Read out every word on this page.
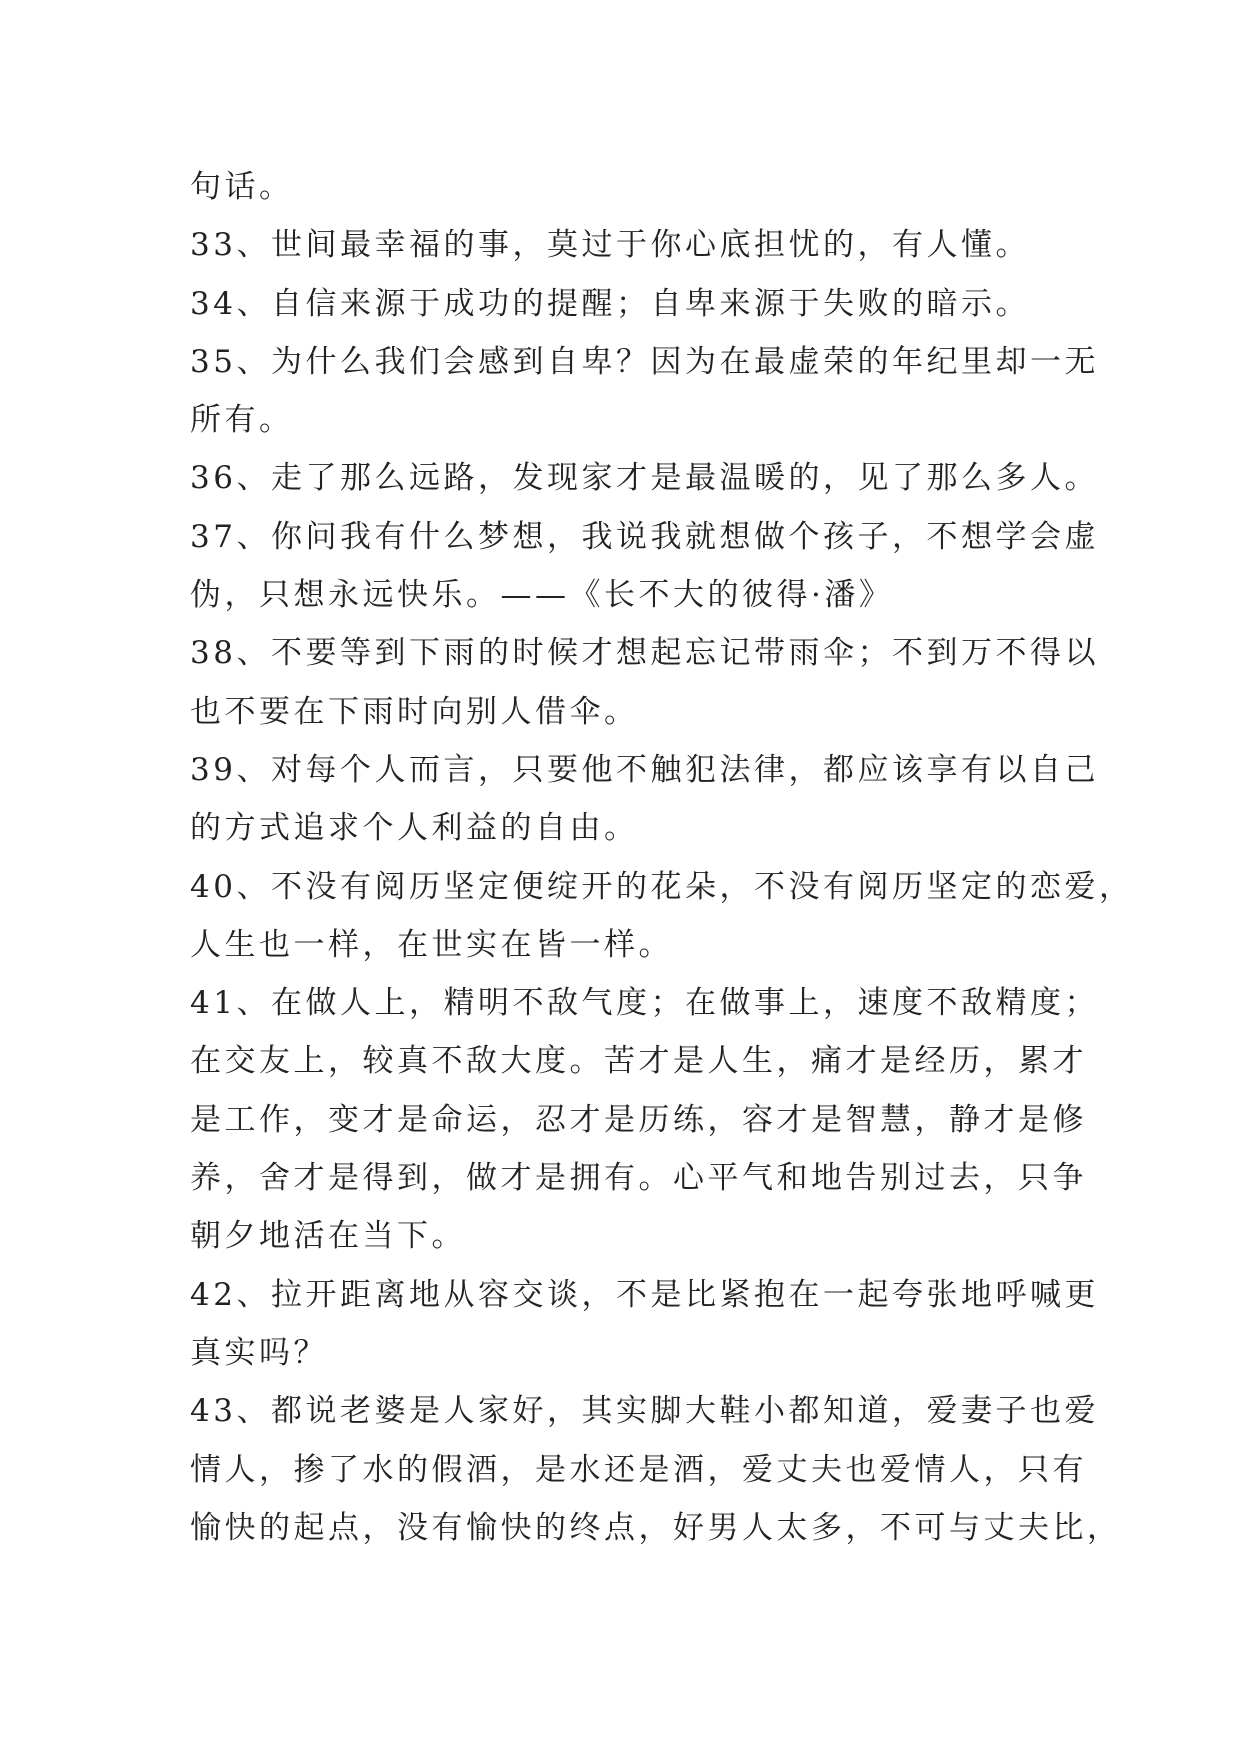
句话。
33、世间最幸福的事，莫过于你心底担忧的，有人懂。
34、自信来源于成功的提醒；自卑来源于失败的暗示。
35、为什么我们会感到自卑？因为在最虚荣的年纪里却一无
所有。
36、走了那么远路，发现家才是最温暖的，见了那么多人。
37、你问我有什么梦想，我说我就想做个孩子，不想学会虚
伪，只想永远快乐。——《长不大的彼得·潘》
38、不要等到下雨的时候才想起忘记带雨伞；不到万不得以
也不要在下雨时向别人借伞。
39、对每个人而言，只要他不触犯法律，都应该享有以自己
的方式追求个人利益的自由。
40、不没有阅历坚定便绽开的花朵，不没有阅历坚定的恋爱，
人生也一样，在世实在皆一样。
41、在做人上，精明不敌气度；在做事上，速度不敌精度；
在交友上，较真不敌大度。苦才是人生，痛才是经历，累才
是工作，变才是命运，忍才是历练，容才是智慧，静才是修
养，舍才是得到，做才是拥有。心平气和地告别过去，只争
朝夕地活在当下。
42、拉开距离地从容交谈，不是比紧抱在一起夸张地呼喊更
真实吗？
43、都说老婆是人家好，其实脚大鞋小都知道，爱妻子也爱
情人，掺了水的假酒，是水还是酒，爱丈夫也爱情人，只有
愉快的起点，没有愉快的终点，好男人太多，不可与丈夫比，
